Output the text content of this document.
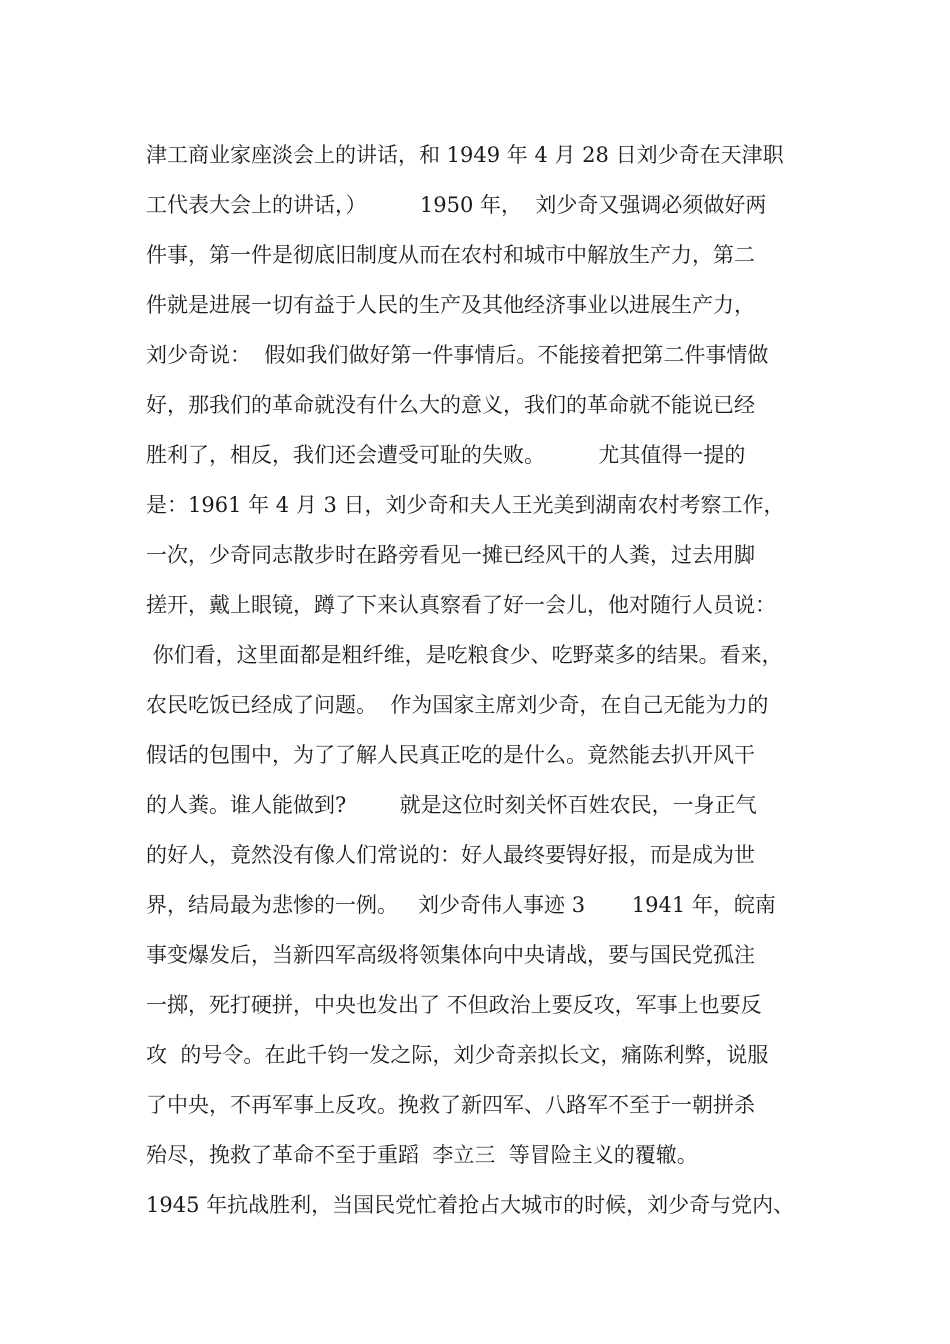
津工商业家座淡会上的讲话，和 1949 年 4 月 28 日刘少奇在天津职
工代表大会上的讲话，）        1950 年，  刘少奇又强调必须做好两
件事，第一件是彻底旧制度从而在农村和城市中解放生产力，第二
件就是进展一切有益于人民的生产及其他经济事业以进展生产力，
刘少奇说：  假如我们做好第一件事情后。不能接着把第二件事情做
好，那我们的革命就没有什么大的意义，我们的革命就不能说已经
胜利了，相反，我们还会遭受可耻的失败。        尤其值得一提的
是：1961 年 4 月 3 日，刘少奇和夫人王光美到湖南农村考察工作，
一次，少奇同志散步时在路旁看见一摊已经风干的人粪，过去用脚
搓开，戴上眼镜，蹲了下来认真察看了好一会儿，他对随行人员说：
你们看，这里面都是粗纤维，是吃粮食少、吃野菜多的结果。看来，
农民吃饭已经成了问题。  作为国家主席刘少奇，在自己无能为力的
假话的包围中，为了了解人民真正吃的是什么。竟然能去扒开风干
的人粪。谁人能做到?        就是这位时刻关怀百姓农民，一身正气
的好人，竟然没有像人们常说的：好人最终要锝好报，而是成为世
界，结局最为悲惨的一例。   刘少奇伟人事迹 3       1941 年，皖南
事变爆发后，当新四军高级将领集体向中央请战，要与国民党孤注
一掷，死打硬拼，中央也发出了 不但政治上要反攻，军事上也要反
攻  的号令。在此千钧一发之际，刘少奇亲拟长文，痛陈利弊，说服
了中央，不再军事上反攻。挽救了新四军、八路军不至于一朝拼杀
殆尽，挽救了革命不至于重蹈  李立三  等冒险主义的覆辙。
1945 年抗战胜利，当国民党忙着抢占大城市的时候，刘少奇与党内、
